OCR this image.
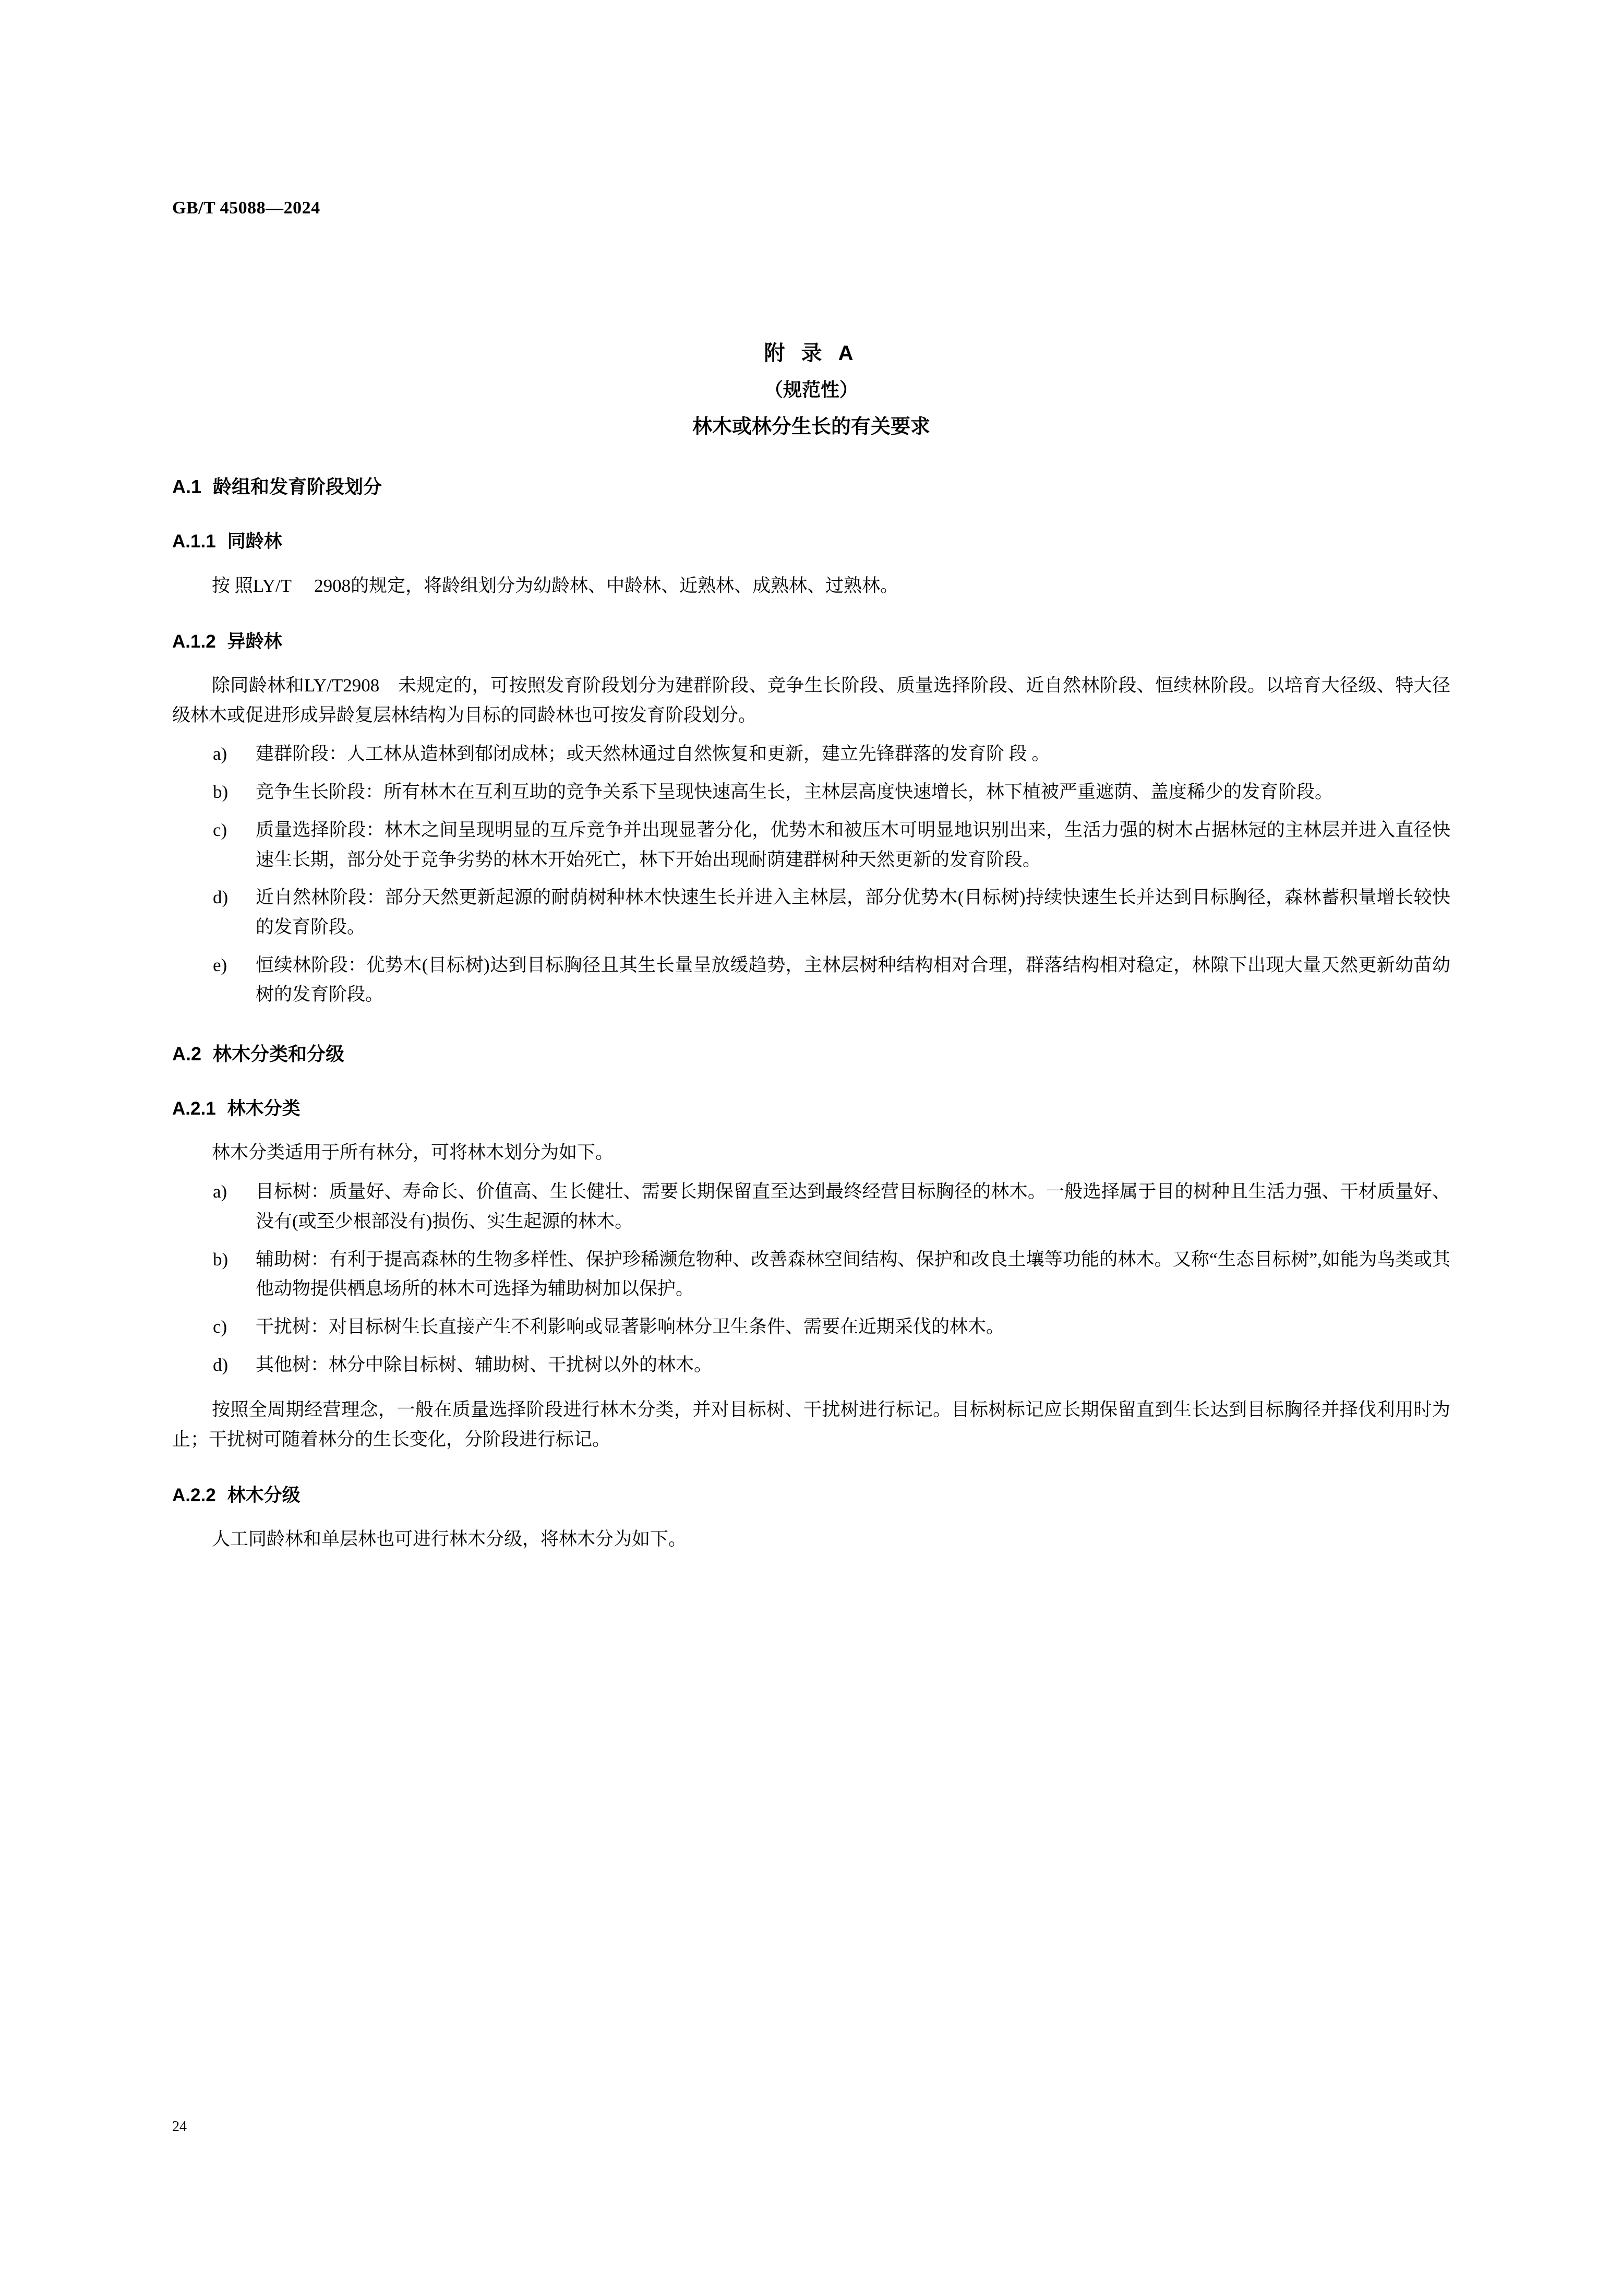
GB/T 45088—2024
附 录 A
（规范性）
林木或林分生长的有关要求
A.1 龄组和发育阶段划分
A.1.1 同龄林

按 照LY/T　 2908的规定，将龄组划分为幼龄林、中龄林、近熟林、成熟林、过熟林。

A.1.2 异龄林

除同龄林和LY/T2908　未规定的，可按照发育阶段划分为建群阶段、竞争生长阶段、质量选择阶段、近自然林阶段、恒续林阶段。以培育大径级、特大径级林木或促进形成异龄复层林结构为目标的同龄林也可按发育阶段划分。

a)	建群阶段：人工林从造林到郁闭成林；或天然林通过自然恢复和更新，建立先锋群落的发育阶 段 。
b)	竞争生长阶段：所有林木在互利互助的竞争关系下呈现快速高生长，主林层高度快速增长，林下植被严重遮荫、盖度稀少的发育阶段。
c)	质量选择阶段：林木之间呈现明显的互斥竞争并出现显著分化，优势木和被压木可明显地识别出来，生活力强的树木占据林冠的主林层并进入直径快速生长期，部分处于竞争劣势的林木开始死亡，林下开始出现耐荫建群树种天然更新的发育阶段。
d)	近自然林阶段：部分天然更新起源的耐荫树种林木快速生长并进入主林层，部分优势木(目标树)持续快速生长并达到目标胸径，森林蓄积量增长较快的发育阶段。
e)	恒续林阶段：优势木(目标树)达到目标胸径且其生长量呈放缓趋势，主林层树种结构相对合理，群落结构相对稳定，林隙下出现大量天然更新幼苗幼树的发育阶段。
A.2 林木分类和分级
A.2.1 林木分类

林木分类适用于所有林分，可将林木划分为如下。

a)	目标树：质量好、寿命长、价值高、生长健壮、需要长期保留直至达到最终经营目标胸径的林木。一般选择属于目的树种且生活力强、干材质量好、没有(或至少根部没有)损伤、实生起源的林木。
b)	辅助树：有利于提高森林的生物多样性、保护珍稀濒危物种、改善森林空间结构、保护和改良土壤等功能的林木。又称“生态目标树”,如能为鸟类或其他动物提供栖息场所的林木可选择为辅助树加以保护。
c)	干扰树：对目标树生长直接产生不利影响或显著影响林分卫生条件、需要在近期采伐的林木。
d)	其他树：林分中除目标树、辅助树、干扰树以外的林木。

按照全周期经营理念，一般在质量选择阶段进行林木分类，并对目标树、干扰树进行标记。目标树标记应长期保留直到生长达到目标胸径并择伐利用时为止；干扰树可随着林分的生长变化，分阶段进行标记。

A.2.2 林木分级

人工同龄林和单层林也可进行林木分级，将林木分为如下。

24
